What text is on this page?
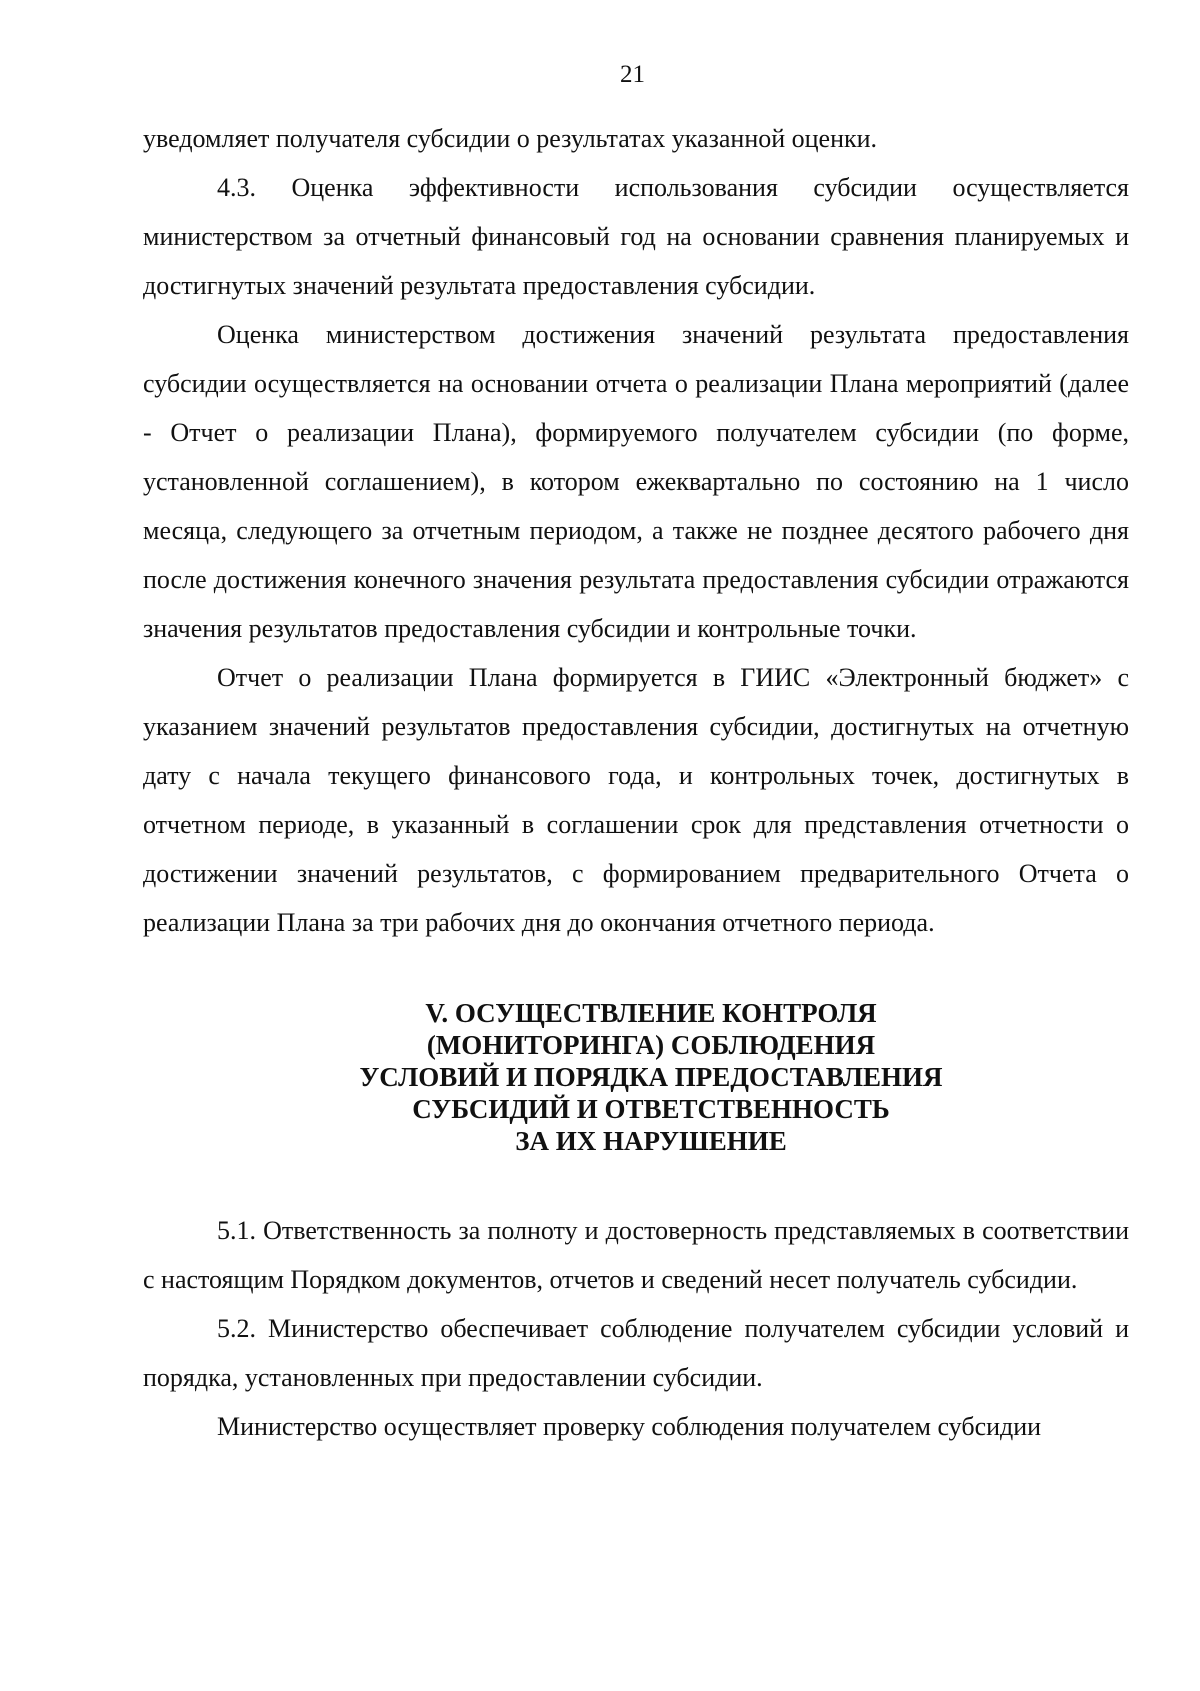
21

уведомляет получателя субсидии о результатах указанной оценки.

4.3. Оценка эффективности использования субсидии осуществляется министерством за отчетный финансовый год на основании сравнения планируемых и достигнутых значений результата предоставления субсидии.

Оценка министерством достижения значений результата предоставления субсидии осуществляется на основании отчета о реализации Плана мероприятий (далее - Отчет о реализации Плана), формируемого получателем субсидии (по форме, установленной соглашением), в котором ежеквартально по состоянию на 1 число месяца, следующего за отчетным периодом, а также не позднее десятого рабочего дня после достижения конечного значения результата предоставления субсидии отражаются значения результатов предоставления субсидии и контрольные точки.

Отчет о реализации Плана формируется в ГИИС «Электронный бюджет» с указанием значений результатов предоставления субсидии, достигнутых на отчетную дату с начала текущего финансового года, и контрольных точек, достигнутых в отчетном периоде, в указанный в соглашении срок для представления отчетности о достижении значений результатов, с формированием предварительного Отчета о реализации Плана за три рабочих дня до окончания отчетного периода.

V. ОСУЩЕСТВЛЕНИЕ КОНТРОЛЯ
(МОНИТОРИНГА) СОБЛЮДЕНИЯ
УСЛОВИЙ И ПОРЯДКА ПРЕДОСТАВЛЕНИЯ
СУБСИДИЙ И ОТВЕТСТВЕННОСТЬ
ЗА ИХ НАРУШЕНИЕ

5.1. Ответственность за полноту и достоверность представляемых в соответствии с настоящим Порядком документов, отчетов и сведений несет получатель субсидии.

5.2. Министерство обеспечивает соблюдение получателем субсидии условий и порядка, установленных при предоставлении субсидии.

Министерство осуществляет проверку соблюдения получателем субсидии
